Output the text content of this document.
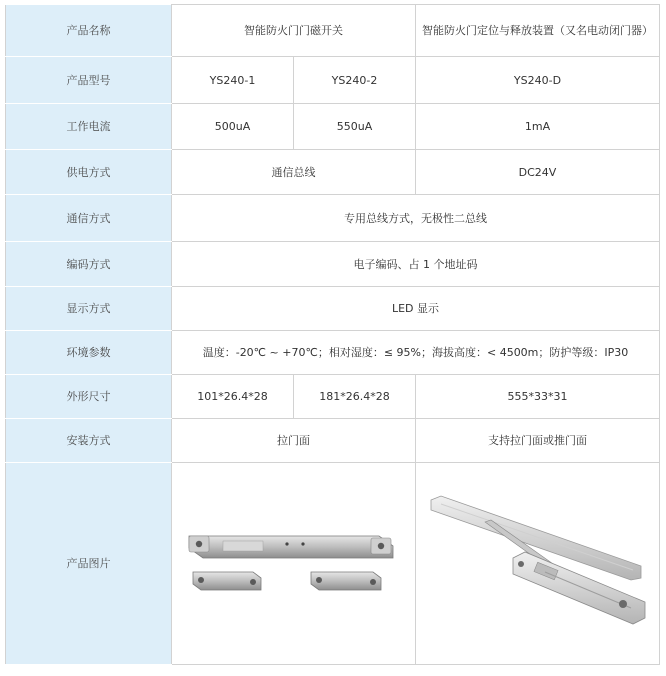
产品名称	智能防火门门磁开关		智能防火门定位与释放装置（又名电动闭门器）
产品型号	YS240-1	YS240-2	YS240-D
工作电流	500uA	550uA	1mA
供电方式	通信总线		DC24V
通信方式	专用总线方式，无极性二总线		
编码方式	电子编码、占 1 个地址码		
显示方式	LED 显示		
环境参数	温度：-20℃ ~ +70℃；相对湿度：≤ 95%；海拔高度：< 4500m；防护等级：IP30		
外形尺寸	101*26.4*28	181*26.4*28	555*33*31
安装方式	拉门面		支持拉门面或推门面
产品图片	
